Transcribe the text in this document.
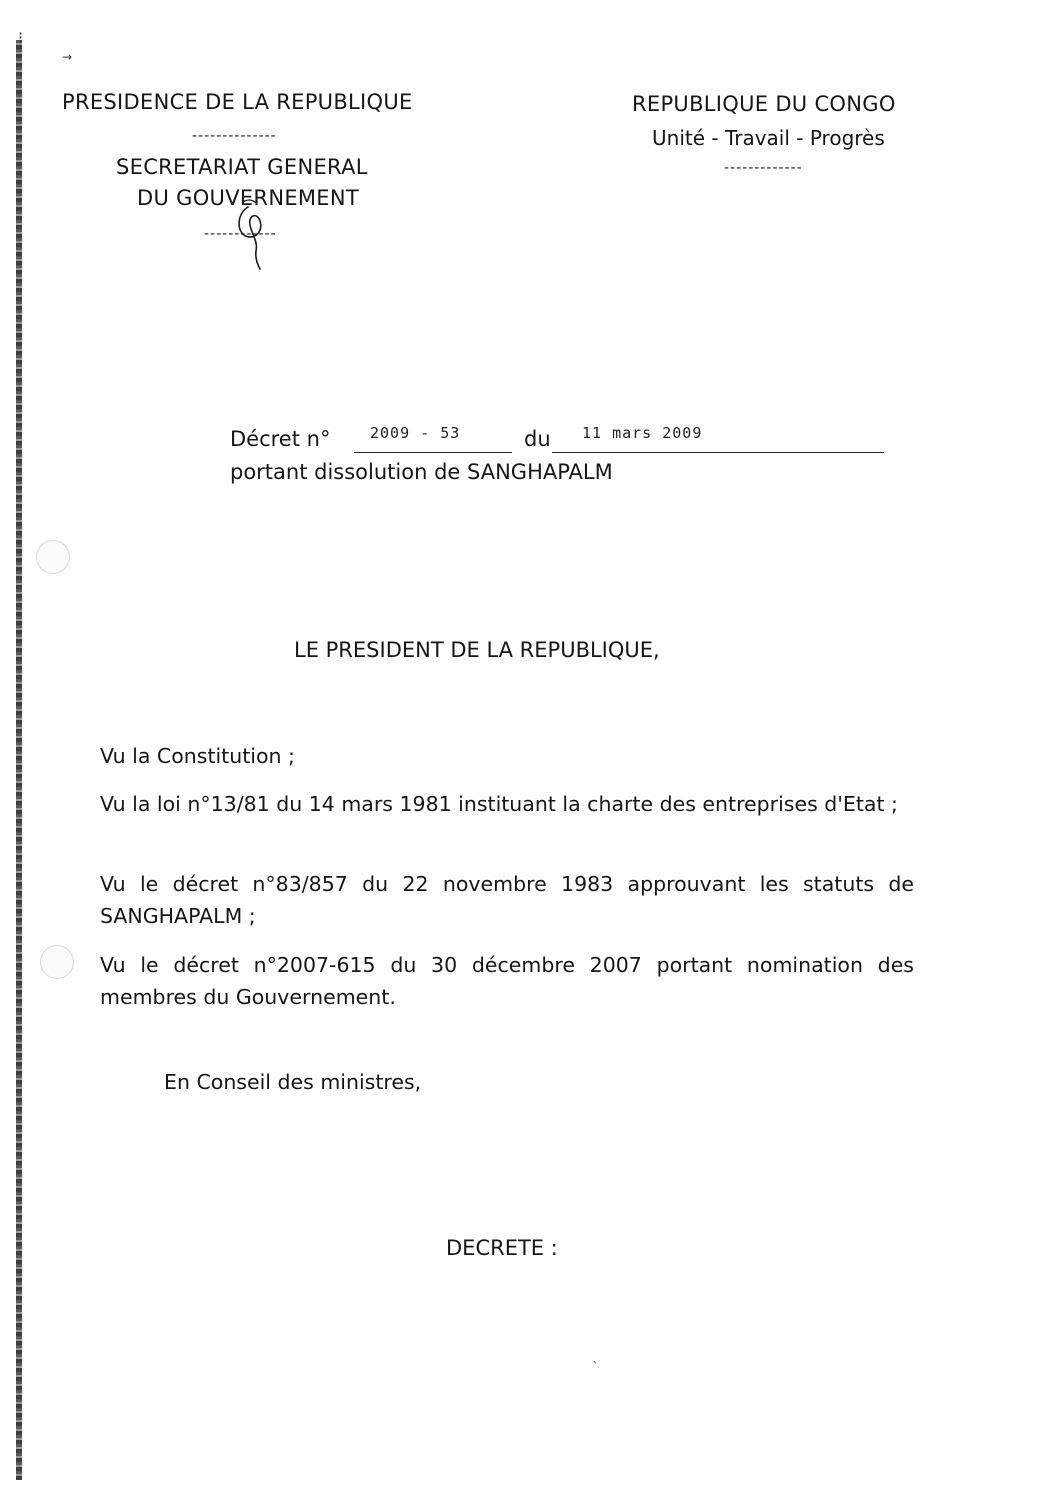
⁝
→
PRESIDENCE DE LA REPUBLIQUE
--------------
SECRETARIAT GENERAL
DU GOUVERNEMENT
------------
REPUBLIQUE DU CONGO
Unité - Travail - Progrès
-------------
Décret n°	2009 - 53	du 11 mars 2009
portant dissolution de SANGHAPALM
LE PRESIDENT DE LA REPUBLIQUE,
Vu la Constitution ;
Vu la loi n°13/81 du 14 mars 1981 instituant la charte des entreprises d'Etat ;
Vu le décret n°83/857 du 22 novembre 1983 approuvant les statuts de SANGHAPALM ;
Vu le décret n°2007-615 du 30 décembre 2007 portant nomination des membres du Gouvernement.
En Conseil des ministres,
DECRETE :
ˎ
